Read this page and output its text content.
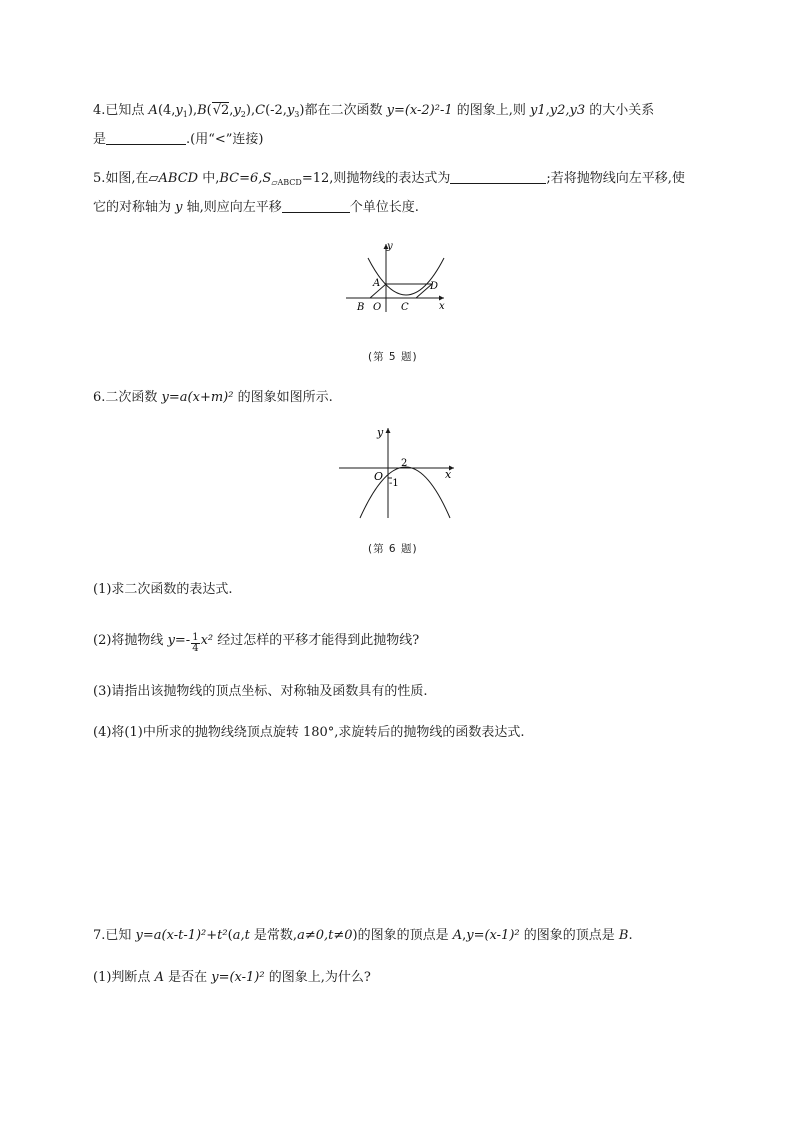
4.已知点 $A(4,y_1),B(√2,y_2),C(-2,y_3)$都在二次函数 y=(x-2)²-1 的图象上,则 y1,y2,y3 的大小关系
是	.(用“<”连接)
5.如图,在▱ABCD 中$,BC=6,S_{▱ABCD}=12$,则抛物线的表达式为	;若将抛物线向左平移,使
它的对称轴为 y 轴,则应向左平移	个单位长度.
y
x
A	D
B O C
(第 5 题)
6.二次函数 y=a(x+m)² 的图象如图所示.
y
x
O
2
-1
(第 6 题)
(1)求二次函数的表达式.
(2)将抛物线 $y=- \frac{1}{4} x^2$ 经过怎样的平移才能得到此抛物线?
(3)请指出该抛物线的顶点坐标、对称轴及函数具有的性质.
(4)将(1)中所求的抛物线绕顶点旋转 180°,求旋转后的抛物线的函数表达式.
7.已知 y=a(x-t-1)²+t²(a,t 是常数,a≠0,t≠0)的图象的顶点是 A,y=(x-1)² 的图象的顶点是 B.
(1)判断点 A 是否在 y=(x-1)² 的图象上,为什么?
